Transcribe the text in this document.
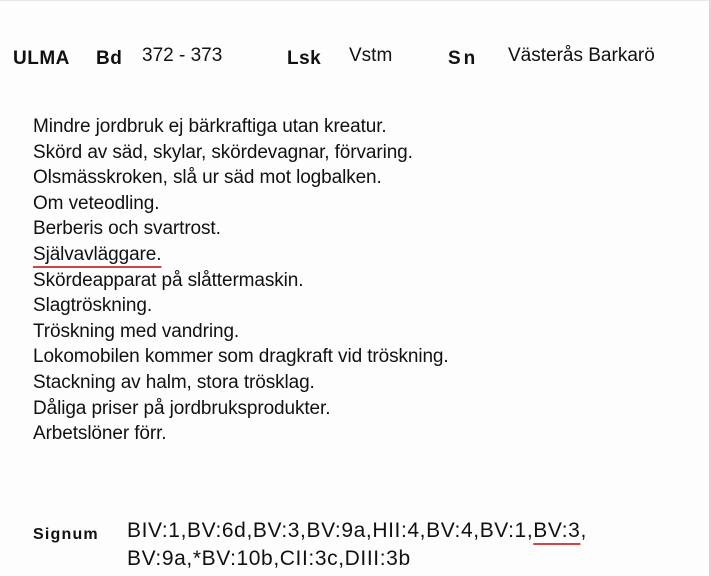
ULMA Bd 372 - 373	Lsk Vstm	Sn Västerås Barkarö
Mindre jordbruk ej bärkraftiga utan kreatur.
Skörd av säd, skylar, skördevagnar, förvaring.
Olsmässkroken, slå ur säd mot logbalken.
Om veteodling.
Berberis och svartrost.
Självavläggare.
Skördeapparat på slåttermaskin.
Slagtröskning.
Tröskning med vandring.
Lokomobilen kommer som dragkraft vid tröskning.
Stackning av halm, stora trösklag.
Dåliga priser på jordbruksprodukter.
Arbetslöner förr.
Signum BIV:1,BV:6d,BV:3,BV:9a,HII:4,BV:4,BV:1,BV:3,
BV:9a,*BV:10b,CII:3c,DIII:3b
